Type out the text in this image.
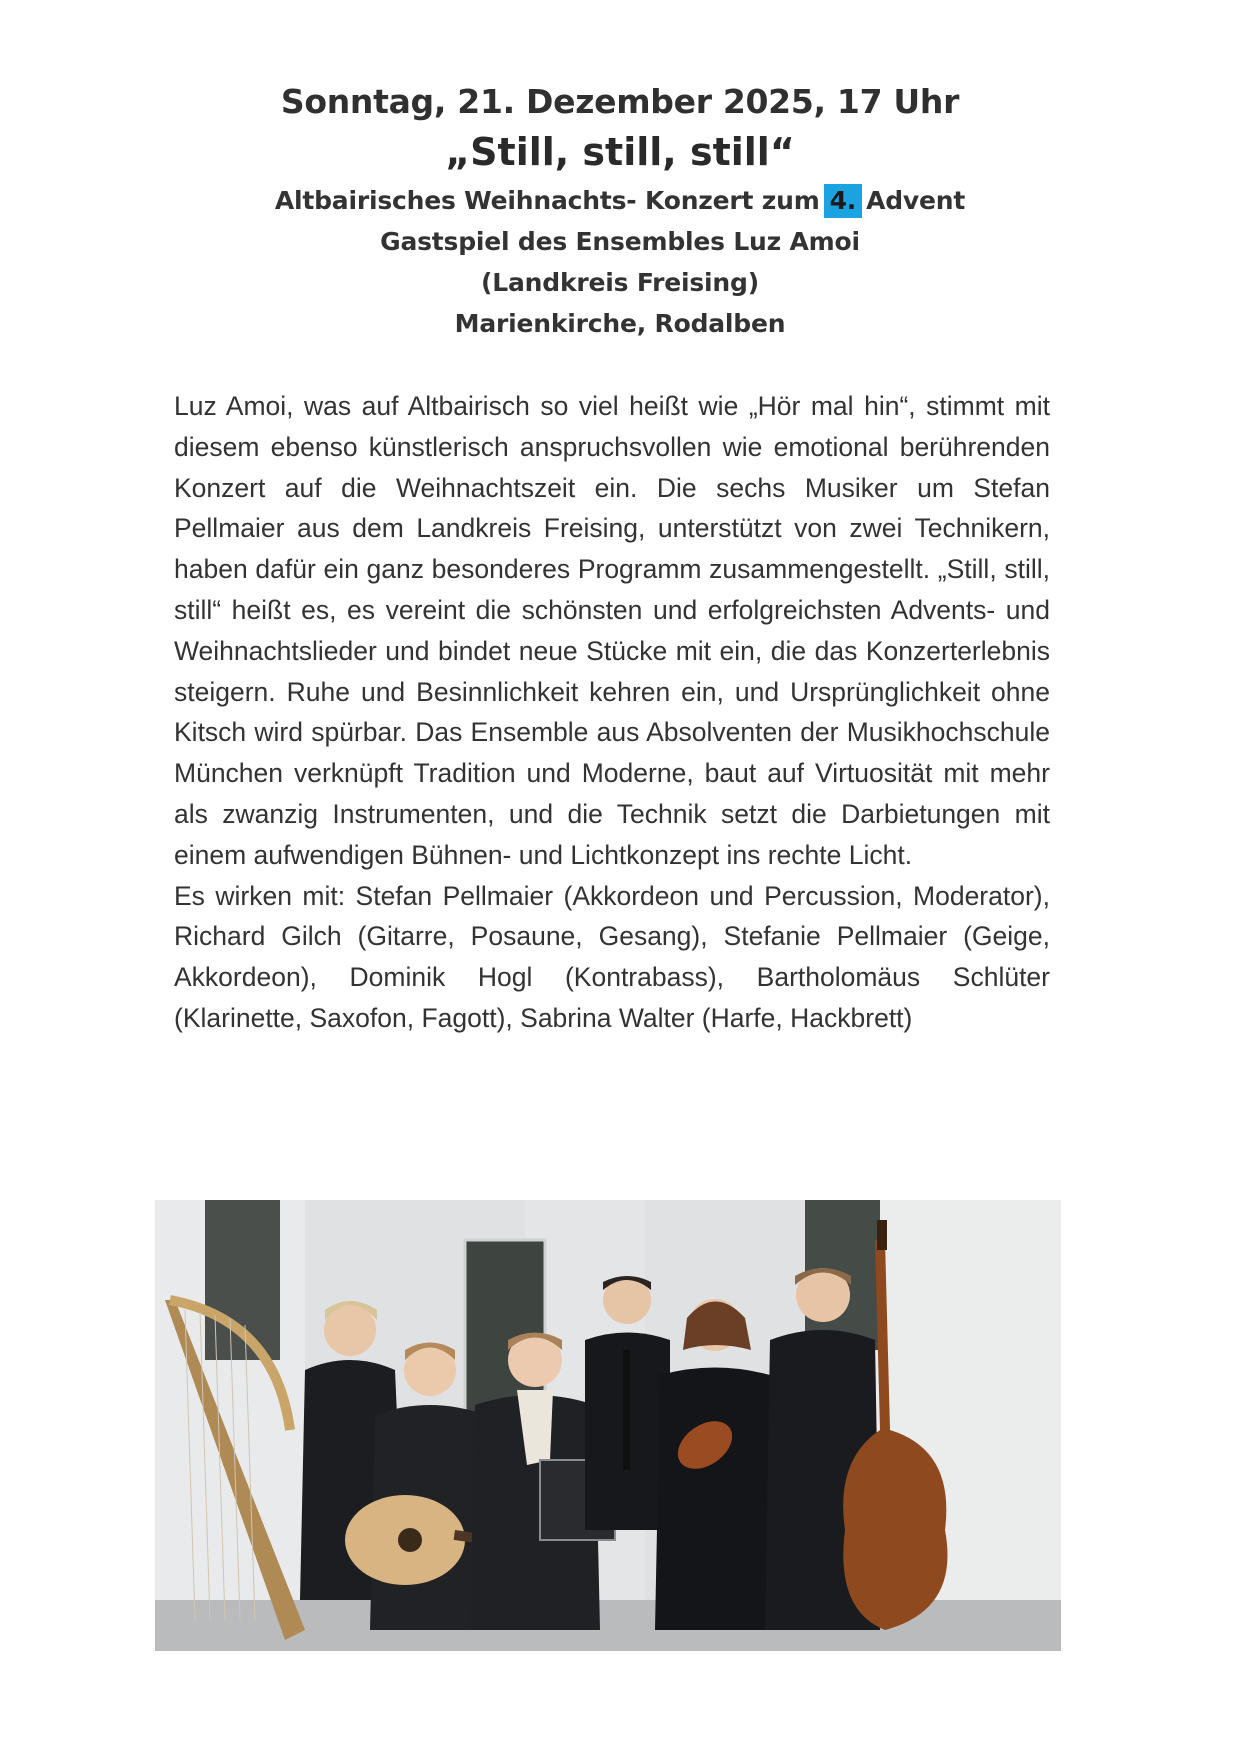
Sonntag, 21. Dezember 2025, 17 Uhr
„Still, still, still“
Altbairisches Weihnachts- Konzert zum 4. Advent
Gastspiel des Ensembles Luz Amoi
(Landkreis Freising)
Marienkirche, Rodalben

Luz Amoi, was auf Altbairisch so viel heißt wie „Hör mal hin“, stimmt mit diesem ebenso künstlerisch anspruchsvollen wie emotional berührenden Konzert auf die Weihnachtszeit ein. Die sechs Musiker um Stefan Pellmaier aus dem Landkreis Freising, unterstützt von zwei Technikern, haben dafür ein ganz besonderes Programm zusammengestellt. „Still, still, still“ heißt es, es vereint die schönsten und erfolgreichsten Advents- und Weihnachtslieder und bindet neue Stücke mit ein, die das Konzerterlebnis steigern. Ruhe und Besinnlichkeit kehren ein, und Ursprünglichkeit ohne Kitsch wird spürbar. Das Ensemble aus Absolventen der Musikhochschule München verknüpft Tradition und Moderne, baut auf Virtuosität mit mehr als zwanzig Instrumenten, und die Technik setzt die Darbietungen mit einem aufwendigen Bühnen- und Lichtkonzept ins rechte Licht.

Es wirken mit: Stefan Pellmaier (Akkordeon und Percussion, Moderator), Richard Gilch (Gitarre, Posaune, Gesang), Stefanie Pellmaier (Geige, Akkordeon), Dominik Hogl (Kontrabass), Bartholomäus Schlüter (Klarinette, Saxofon, Fagott), Sabrina Walter (Harfe, Hackbrett)
